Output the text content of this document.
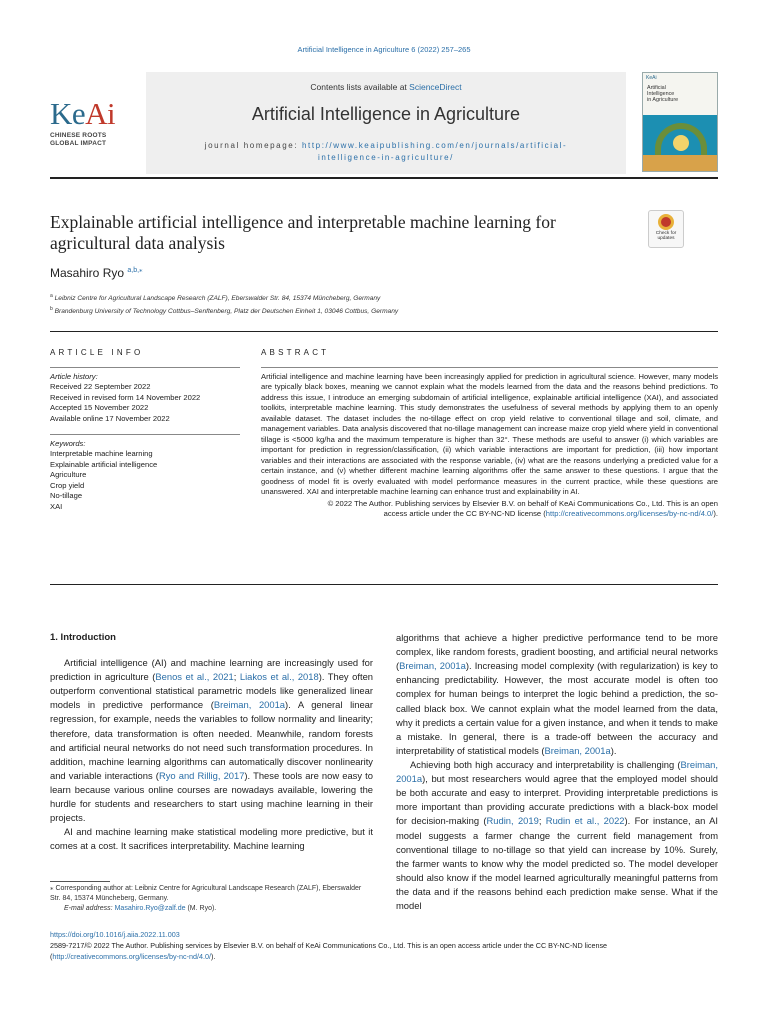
Artificial Intelligence in Agriculture 6 (2022) 257–265
KeAi
CHINESE ROOTS
GLOBAL IMPACT
Contents lists available at ScienceDirect
Artificial Intelligence in Agriculture
journal homepage: http://www.keaipublishing.com/en/journals/artificial-
intelligence-in-agriculture/
KeAi
Artificial
Intelligence
in Agriculture
Explainable artificial intelligence and interpretable machine learning for agricultural data analysis	Check for
updates
Masahiro Ryo $^{a,b,⁎}$
$^a$ Leibniz Centre for Agricultural Landscape Research (ZALF), Eberswalder Str. 84, 15374 Müncheberg, Germany
$^b$ Brandenburg University of Technology Cottbus–Senftenberg, Platz der Deutschen Einheit 1, 03046 Cottbus, Germany
ARTICLE INFO	ABSTRACT
Article history:
Received 22 September 2022
Received in revised form 14 November 2022
Accepted 15 November 2022
Available online 17 November 2022
Keywords:
Interpretable machine learning
Explainable artificial intelligence
Agriculture
Crop yield
No-tillage
XAI
Artificial intelligence and machine learning have been increasingly applied for prediction in agricultural science. However, many models are typically black boxes, meaning we cannot explain what the models learned from the data and the reasons behind predictions. To address this issue, I introduce an emerging subdomain of artificial intelligence, explainable artificial intelligence (XAI), and associated toolkits, interpretable machine learning. This study demonstrates the usefulness of several methods by applying them to an openly available dataset. The dataset includes the no-tillage effect on crop yield relative to conventional tillage and soil, climate, and management variables. Data analysis discovered that no-tillage management can increase maize crop yield where yield in conventional tillage is <5000 kg/ha and the maximum temperature is higher than 32°. These methods are useful to answer (i) which variables are important for prediction in regression/classification, (ii) which variable interactions are important for prediction, (iii) how important variables and their interactions are associated with the response variable, (iv) what are the reasons underlying a predicted value for a certain instance, and (v) whether different machine learning algorithms offer the same answer to these questions. I argue that the goodness of model fit is overly evaluated with model performance measures in the current practice, while these questions are unanswered. XAI and interpretable machine learning can enhance trust and explainability in AI.
© 2022 The Author. Publishing services by Elsevier B.V. on behalf of KeAi Communications Co., Ltd. This is an open
access article under the CC BY-NC-ND license (http://creativecommons.org/licenses/by-nc-nd/4.0/).
1. Introduction

Artificial intelligence (AI) and machine learning are increasingly used for prediction in agriculture (Benos et al., 2021; Liakos et al., 2018). They often outperform conventional statistical parametric models like generalized linear models in predictive performance (Breiman, 2001a). A general linear regression, for example, needs the variables to follow normality and linearity; therefore, data transformation is often needed. Meanwhile, random forests and artificial neural networks do not need such transformation procedures. In addition, machine learning algorithms can automatically discover nonlinearity and variable interactions (Ryo and Rillig, 2017). These tools are now easy to learn because various online courses are nowadays available, lowering the hurdle for students and researchers to start using machine learning in their projects.

AI and machine learning make statistical modeling more predictive, but it comes at a cost. It sacrifices interpretability. Machine learning

algorithms that achieve a higher predictive performance tend to be more complex, like random forests, gradient boosting, and artificial neural networks (Breiman, 2001a). Increasing model complexity (with regularization) is key to enhancing predictability. However, the most accurate model is often too complex for human beings to interpret the logic behind a prediction, the so-called black box. We cannot explain what the model learned from the data, why it predicts a certain value for a given instance, and when it tends to make a mistake. In general, there is a trade-off between the accuracy and interpretability of statistical models (Breiman, 2001a).

Achieving both high accuracy and interpretability is challenging (Breiman, 2001a), but most researchers would agree that the employed model should be both accurate and easy to interpret. Providing interpretable predictions is more important than providing accurate predictions with a black-box model for decision-making (Rudin, 2019; Rudin et al., 2022). For instance, an AI model suggests a farmer change the current field management from conventional tillage to no-tillage so that yield can increase by 10%. Surely, the farmer wants to know why the model predicted so. The model developer should also know if the model learned agriculturally meaningful patterns from the data and if the reasons behind each prediction make sense. What if the model

⁎ Corresponding author at: Leibniz Centre for Agricultural Landscape Research (ZALF), Eberswalder Str. 84, 15374 Müncheberg, Germany.
E-mail address: Masahiro.Ryo@zalf.de (M. Ryo).
https://doi.org/10.1016/j.aiia.2022.11.003
2589-7217/© 2022 The Author. Publishing services by Elsevier B.V. on behalf of KeAi Communications Co., Ltd. This is an open access article under the CC BY-NC-ND license (http://creativecommons.org/licenses/by-nc-nd/4.0/).
